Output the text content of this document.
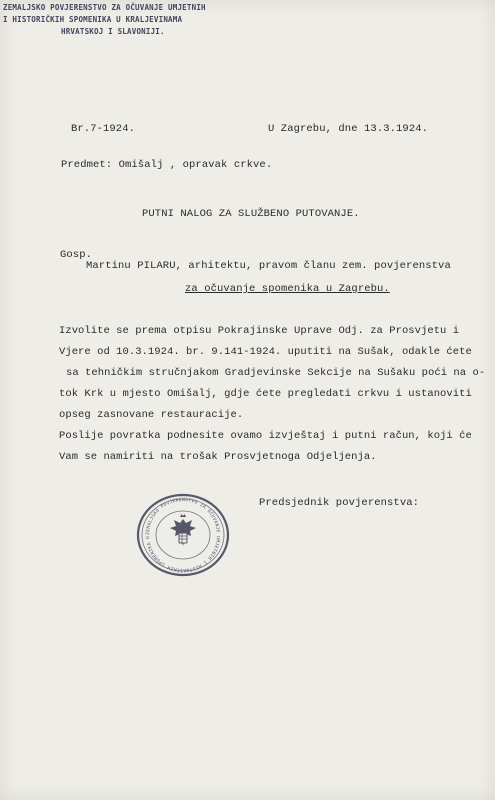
ZEMALJSKO POVJERENSTVO ZA OČUVANJE UMJETNIH
I HISTORIČKIH SPOMENIKA U KRALJEVINAMA
HRVATSKOJ I SLAVONIJI.
Br.7-1924.	U Zagrebu, dne 13.3.1924.
Predmet: Omišalj , opravak crkve.
PUTNI NALOG ZA SLUŽBENO PUTOVANJE.
Gosp.
Martinu PILARU, arhitektu, pravom članu zem. povjerenstva
za očuvanje spomenika u Zagrebu.
Izvolite se prema otpisu Pokrajinske Uprave Odj. za Prosvjetu i
Vjere od 10.3.1924. br. 9.141-1924. uputiti na Sušak, odakle ćete
sa tehničkim stručnjakom Gradjevinske Sekcije na Sušaku poći na o-
tok Krk u mjesto Omišalj, gdje ćete pregledati crkvu i ustanoviti
opseg zasnovane restauracije.
Poslije povratka podnesite ovamo izvještaj i putni račun, koji će
Vam se namiriti na trošak Prosvjetnoga Odjeljenja.
Predsjednik povjerenstva:
ZEMALJSKO POVJERENSTVO ZA OČUVANJE UMJETNIH I HISTORIČKIH SPOMENIKA U
